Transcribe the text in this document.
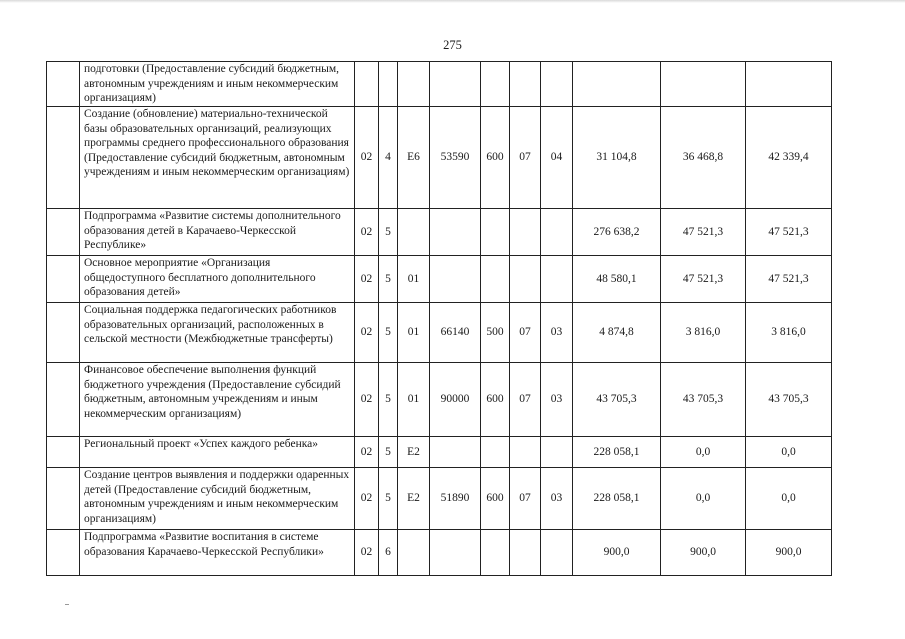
275
	подготовки (Предоставление субсидий бюджетным, автономным учреждениям и иным некоммерческим организациям)										
	Создание (обновление) материально-технической базы образовательных организаций, реализующих программы среднего профессионального образования (Предоставление субсидий бюджетным, автономным учреждениям и иным некоммерческим организациям)	02	4	Е6	53590	600	07	04	31 104,8	36 468,8	42 339,4
	Подпрограмма «Развитие системы дополнительного образования детей в Карачаево-Черкесской Республике»	02	5						276 638,2	47 521,3	47 521,3
	Основное мероприятие «Организация общедоступного бесплатного дополнительного образования детей»	02	5	01					48 580,1	47 521,3	47 521,3
	Социальная поддержка педагогических работников образовательных организаций, расположенных в сельской местности (Межбюджетные трансферты)	02	5	01	66140	500	07	03	4 874,8	3 816,0	3 816,0
	Финансовое обеспечение выполнения функций бюджетного учреждения (Предоставление субсидий бюджетным, автономным учреждениям и иным некоммерческим организациям)	02	5	01	90000	600	07	03	43 705,3	43 705,3	43 705,3
	Региональный проект «Успех каждого ребенка»	02	5	Е2					228 058,1	0,0	0,0
	Создание центров выявления и поддержки одаренных детей (Предоставление субсидий бюджетным, автономным учреждениям и иным некоммерческим организациям)	02	5	Е2	51890	600	07	03	228 058,1	0,0	0,0
	Подпрограмма «Развитие воспитания в системе образования Карачаево-Черкесской Республики»	02	6						900,0	900,0	900,0
